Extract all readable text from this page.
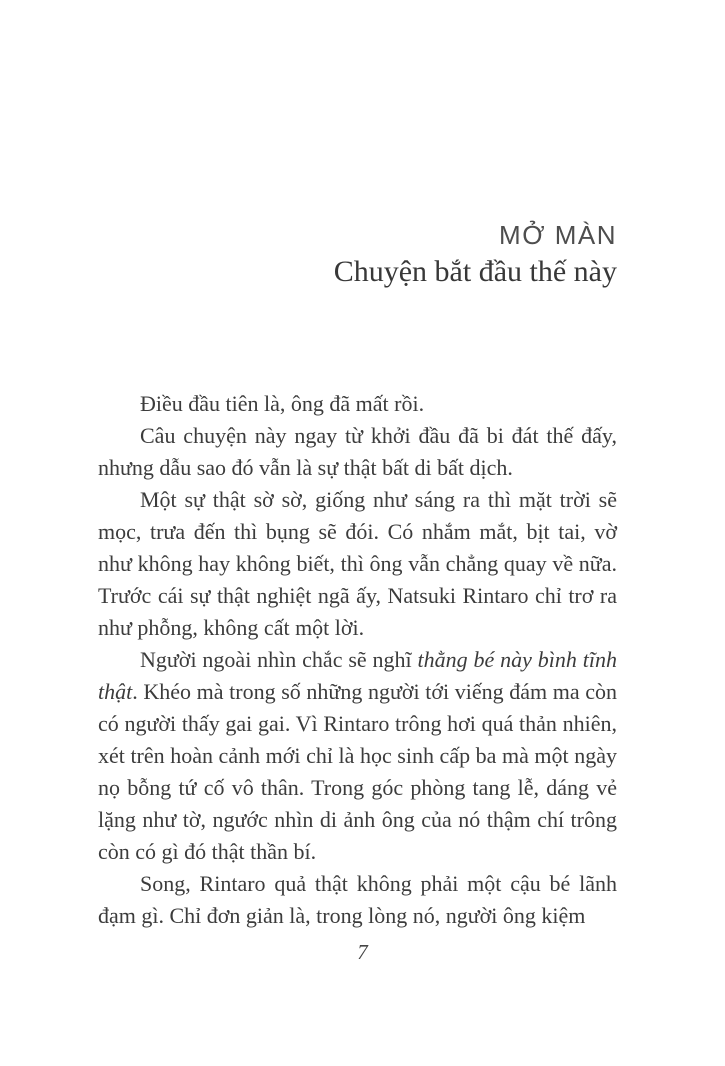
MỞ MÀN
Chuyện bắt đầu thế này

Điều đầu tiên là, ông đã mất rồi.

Câu chuyện này ngay từ khởi đầu đã bi đát thế đấy, nhưng dẫu sao đó vẫn là sự thật bất di bất dịch.

Một sự thật sờ sờ, giống như sáng ra thì mặt trời sẽ mọc, trưa đến thì bụng sẽ đói. Có nhắm mắt, bịt tai, vờ như không hay không biết, thì ông vẫn chẳng quay về nữa. Trước cái sự thật nghiệt ngã ấy, Natsuki Rintaro chỉ trơ ra như phỗng, không cất một lời.

Người ngoài nhìn chắc sẽ nghĩ thằng bé này bình tĩnh thật. Khéo mà trong số những người tới viếng đám ma còn có người thấy gai gai. Vì Rintaro trông hơi quá thản nhiên, xét trên hoàn cảnh mới chỉ là học sinh cấp ba mà một ngày nọ bỗng tứ cố vô thân. Trong góc phòng tang lễ, dáng vẻ lặng như tờ, ngước nhìn di ảnh ông của nó thậm chí trông còn có gì đó thật thần bí.

Song, Rintaro quả thật không phải một cậu bé lãnh đạm gì. Chỉ đơn giản là, trong lòng nó, người ông kiệm

7
